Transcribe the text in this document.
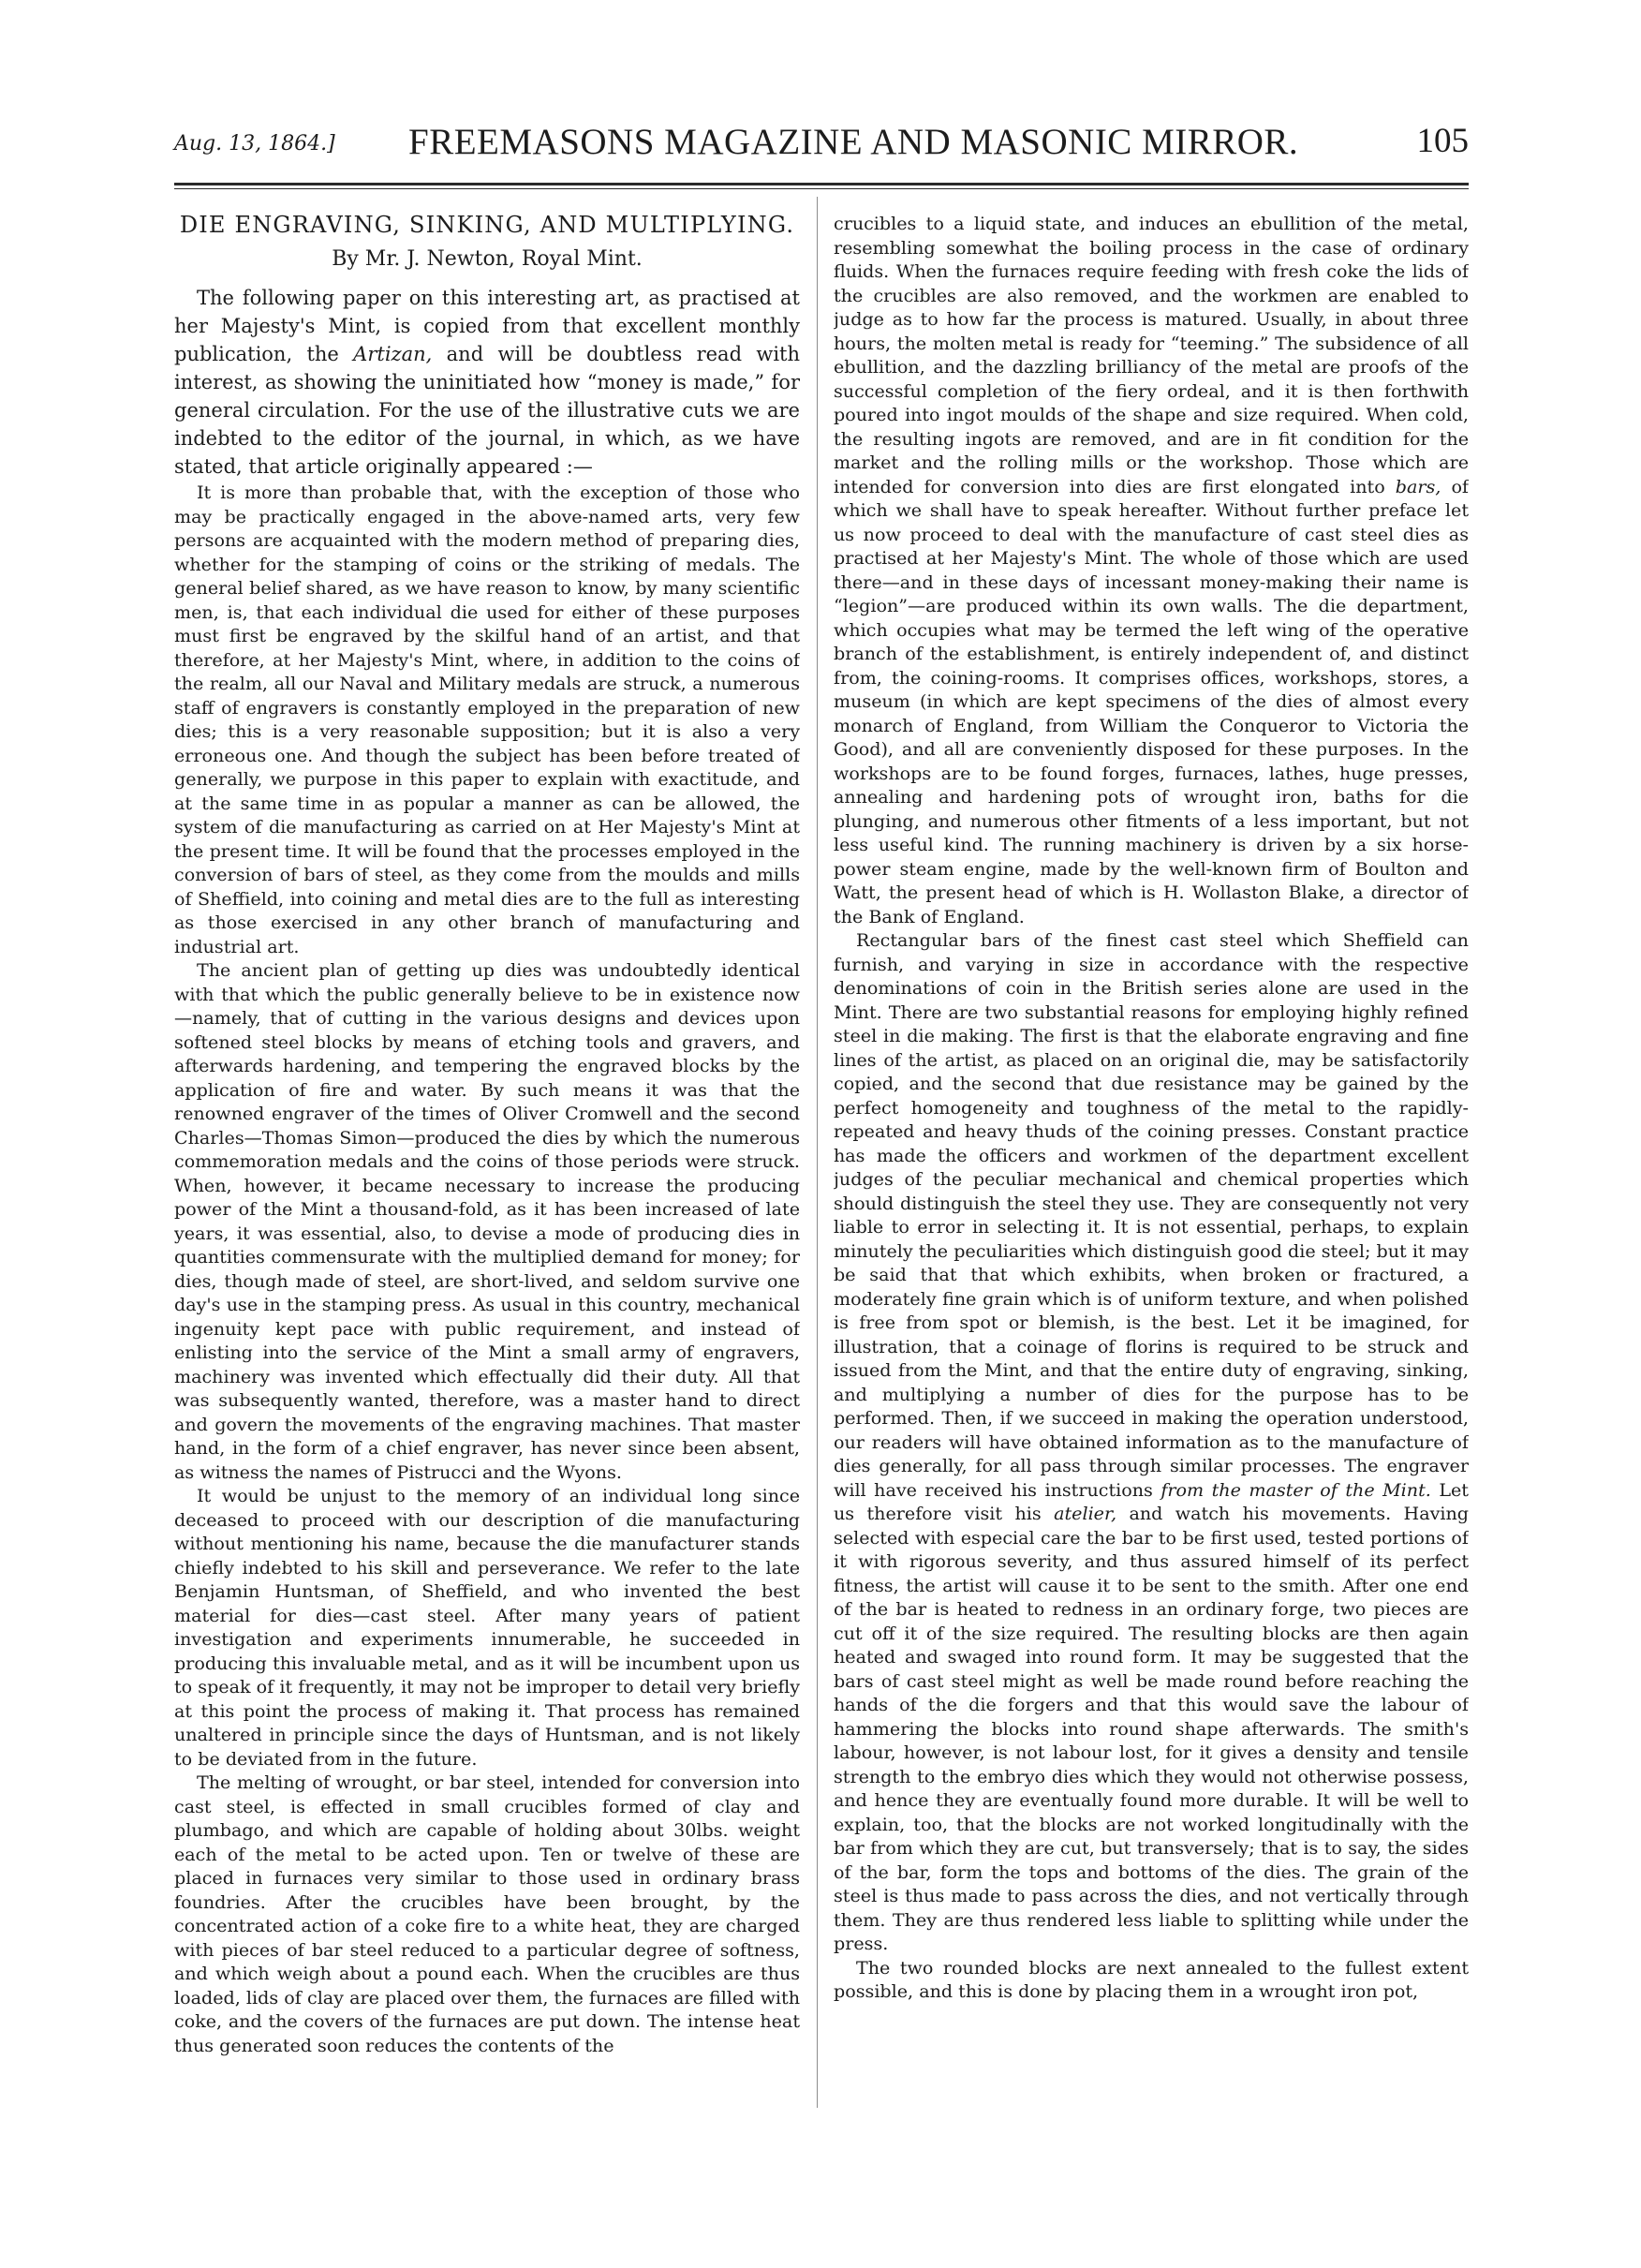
Aug. 13, 1864.] FREEMASONS MAGAZINE AND MASONIC MIRROR.	105
DIE ENGRAVING, SINKING, AND MULTIPLYING.
By Mr. J. Newton, Royal Mint.

The following paper on this interesting art, as practised at her Majesty's Mint, is copied from that excellent monthly publication, the Artizan, and will be doubtless read with interest, as showing the uninitiated how “money is made,” for general circulation. For the use of the illustrative cuts we are indebted to the editor of the journal, in which, as we have stated, that article originally appeared :—

It is more than probable that, with the exception of those who may be practically engaged in the above-named arts, very few persons are acquainted with the modern method of preparing dies, whether for the stamping of coins or the striking of medals. The general belief shared, as we have reason to know, by many scientific men, is, that each individual die used for either of these purposes must first be engraved by the skilful hand of an artist, and that therefore, at her Majesty's Mint, where, in addition to the coins of the realm, all our Naval and Military medals are struck, a numerous staff of engravers is constantly employed in the preparation of new dies; this is a very reasonable supposition; but it is also a very erroneous one. And though the subject has been before treated of generally, we purpose in this paper to explain with exactitude, and at the same time in as popular a manner as can be allowed, the system of die manufacturing as carried on at Her Majesty's Mint at the present time. It will be found that the processes employed in the conversion of bars of steel, as they come from the moulds and mills of Sheffield, into coining and metal dies are to the full as interesting as those exercised in any other branch of manufacturing and industrial art.

The ancient plan of getting up dies was undoubtedly identical with that which the public generally believe to be in existence now—namely, that of cutting in the various designs and devices upon softened steel blocks by means of etching tools and gravers, and afterwards hardening, and tempering the engraved blocks by the application of fire and water. By such means it was that the renowned engraver of the times of Oliver Cromwell and the second Charles—Thomas Simon—produced the dies by which the numerous commemoration medals and the coins of those periods were struck. When, however, it became necessary to increase the producing power of the Mint a thousand-fold, as it has been increased of late years, it was essential, also, to devise a mode of producing dies in quantities commensurate with the multiplied demand for money; for dies, though made of steel, are short-lived, and seldom survive one day's use in the stamping press. As usual in this country, mechanical ingenuity kept pace with public requirement, and instead of enlisting into the service of the Mint a small army of engravers, machinery was invented which effectually did their duty. All that was subsequently wanted, therefore, was a master hand to direct and govern the movements of the engraving machines. That master hand, in the form of a chief engraver, has never since been absent, as witness the names of Pistrucci and the Wyons.

It would be unjust to the memory of an individual long since deceased to proceed with our description of die manufacturing without mentioning his name, because the die manufacturer stands chiefly indebted to his skill and perseverance. We refer to the late Benjamin Huntsman, of Sheffield, and who invented the best material for dies—cast steel. After many years of patient investigation and experiments innumerable, he succeeded in producing this invaluable metal, and as it will be incumbent upon us to speak of it frequently, it may not be improper to detail very briefly at this point the process of making it. That process has remained unaltered in principle since the days of Huntsman, and is not likely to be deviated from in the future.

The melting of wrought, or bar steel, intended for conversion into cast steel, is effected in small crucibles formed of clay and plumbago, and which are capable of holding about 30lbs. weight each of the metal to be acted upon. Ten or twelve of these are placed in furnaces very similar to those used in ordinary brass foundries. After the crucibles have been brought, by the concentrated action of a coke fire to a white heat, they are charged with pieces of bar steel reduced to a particular degree of softness, and which weigh about a pound each. When the crucibles are thus loaded, lids of clay are placed over them, the furnaces are filled with coke, and the covers of the furnaces are put down. The intense heat thus generated soon reduces the contents of the

crucibles to a liquid state, and induces an ebullition of the metal, resembling somewhat the boiling process in the case of ordinary fluids. When the furnaces require feeding with fresh coke the lids of the crucibles are also removed, and the workmen are enabled to judge as to how far the process is matured. Usually, in about three hours, the molten metal is ready for “teeming.” The subsidence of all ebullition, and the dazzling brilliancy of the metal are proofs of the successful completion of the fiery ordeal, and it is then forthwith poured into ingot moulds of the shape and size required. When cold, the resulting ingots are removed, and are in fit condition for the market and the rolling mills or the workshop. Those which are intended for conversion into dies are first elongated into bars, of which we shall have to speak hereafter. Without further preface let us now proceed to deal with the manufacture of cast steel dies as practised at her Majesty's Mint. The whole of those which are used there—and in these days of incessant money-making their name is “legion”—are produced within its own walls. The die department, which occupies what may be termed the left wing of the operative branch of the establishment, is entirely independent of, and distinct from, the coining-rooms. It comprises offices, workshops, stores, a museum (in which are kept specimens of the dies of almost every monarch of England, from William the Conqueror to Victoria the Good), and all are conveniently disposed for these purposes. In the workshops are to be found forges, furnaces, lathes, huge presses, annealing and hardening pots of wrought iron, baths for die plunging, and numerous other fitments of a less important, but not less useful kind. The running machinery is driven by a six horse-power steam engine, made by the well-known firm of Boulton and Watt, the present head of which is H. Wollaston Blake, a director of the Bank of England.

Rectangular bars of the finest cast steel which Sheffield can furnish, and varying in size in accordance with the respective denominations of coin in the British series alone are used in the Mint. There are two substantial reasons for employing highly refined steel in die making. The first is that the elaborate engraving and fine lines of the artist, as placed on an original die, may be satisfactorily copied, and the second that due resistance may be gained by the perfect homogeneity and toughness of the metal to the rapidly-repeated and heavy thuds of the coining presses. Constant practice has made the officers and workmen of the department excellent judges of the peculiar mechanical and chemical properties which should distinguish the steel they use. They are consequently not very liable to error in selecting it. It is not essential, perhaps, to explain minutely the peculiarities which distinguish good die steel; but it may be said that that which exhibits, when broken or fractured, a moderately fine grain which is of uniform texture, and when polished is free from spot or blemish, is the best. Let it be imagined, for illustration, that a coinage of florins is required to be struck and issued from the Mint, and that the entire duty of engraving, sinking, and multiplying a number of dies for the purpose has to be performed. Then, if we succeed in making the operation understood, our readers will have obtained information as to the manufacture of dies generally, for all pass through similar processes. The engraver will have received his instructions from the master of the Mint. Let us therefore visit his atelier, and watch his movements. Having selected with especial care the bar to be first used, tested portions of it with rigorous severity, and thus assured himself of its perfect fitness, the artist will cause it to be sent to the smith. After one end of the bar is heated to redness in an ordinary forge, two pieces are cut off it of the size required. The resulting blocks are then again heated and swaged into round form. It may be suggested that the bars of cast steel might as well be made round before reaching the hands of the die forgers and that this would save the labour of hammering the blocks into round shape afterwards. The smith's labour, however, is not labour lost, for it gives a density and tensile strength to the embryo dies which they would not otherwise possess, and hence they are eventually found more durable. It will be well to explain, too, that the blocks are not worked longitudinally with the bar from which they are cut, but transversely; that is to say, the sides of the bar, form the tops and bottoms of the dies. The grain of the steel is thus made to pass across the dies, and not vertically through them. They are thus rendered less liable to splitting while under the press.

The two rounded blocks are next annealed to the fullest extent possible, and this is done by placing them in a wrought iron pot,
